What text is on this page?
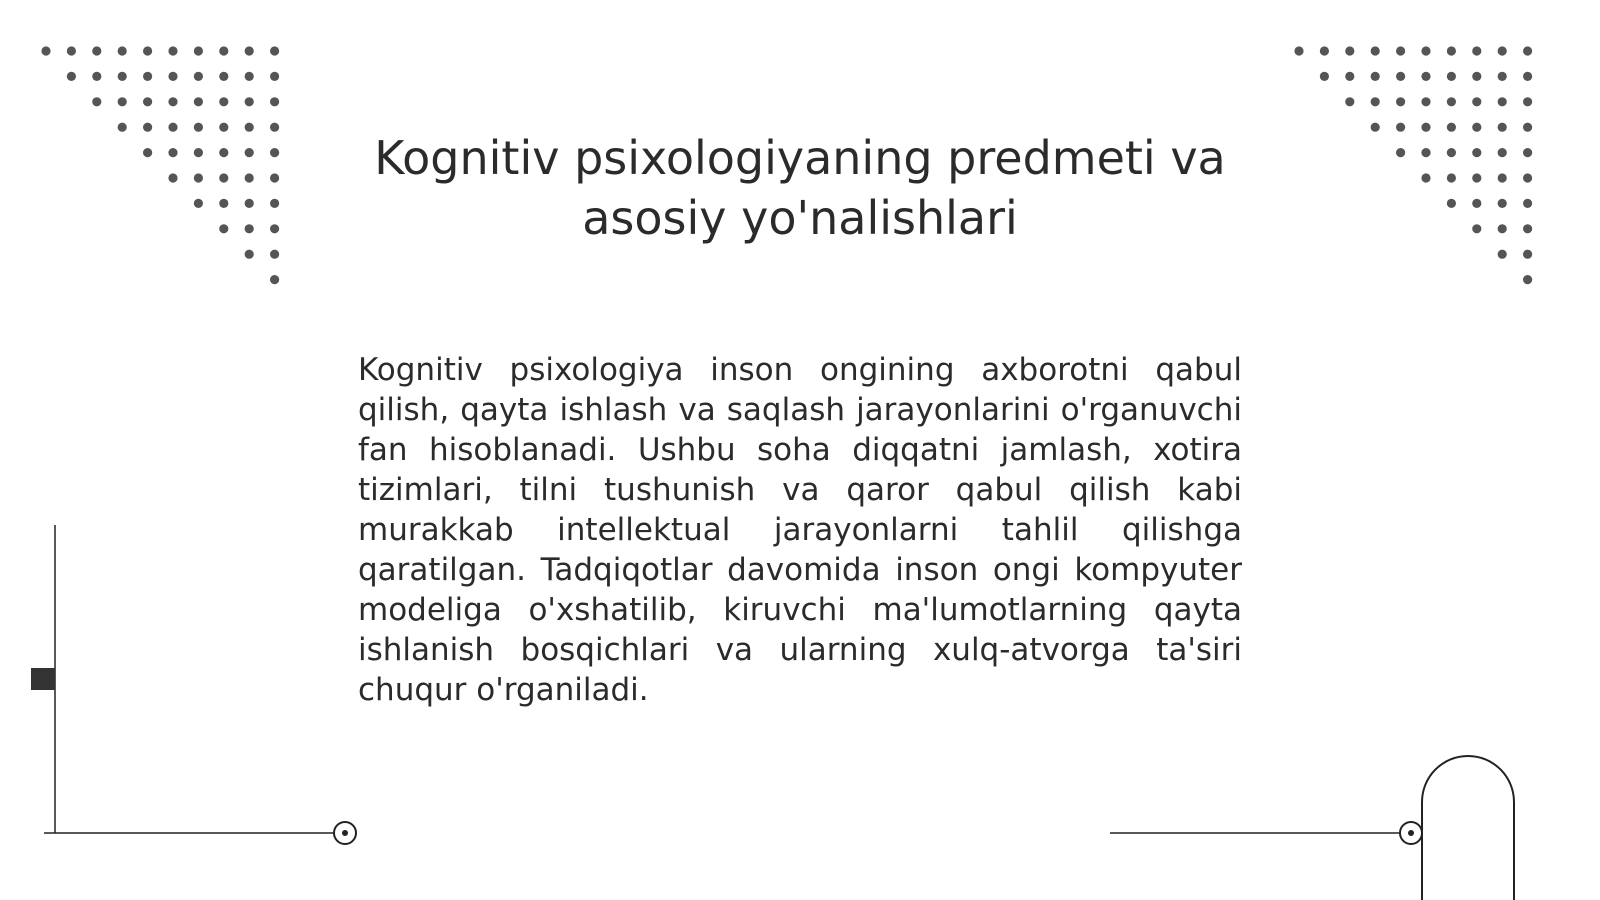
Kognitiv psixologiyaning predmeti va asosiy yo'nalishlari

Kognitiv psixologiya inson ongining axborotni qabul qilish, qayta ishlash va saqlash jarayonlarini o'rganuvchi fan hisoblanadi. Ushbu soha diqqatni jamlash, xotira tizimlari, tilni tushunish va qaror qabul qilish kabi murakkab intellektual jarayonlarni tahlil qilishga qaratilgan. Tadqiqotlar davomida inson ongi kompyuter modeliga o'xshatilib, kiruvchi ma'lumotlarning qayta ishlanish bosqichlari va ularning xulq-atvorga ta'siri chuqur o'rganiladi.
